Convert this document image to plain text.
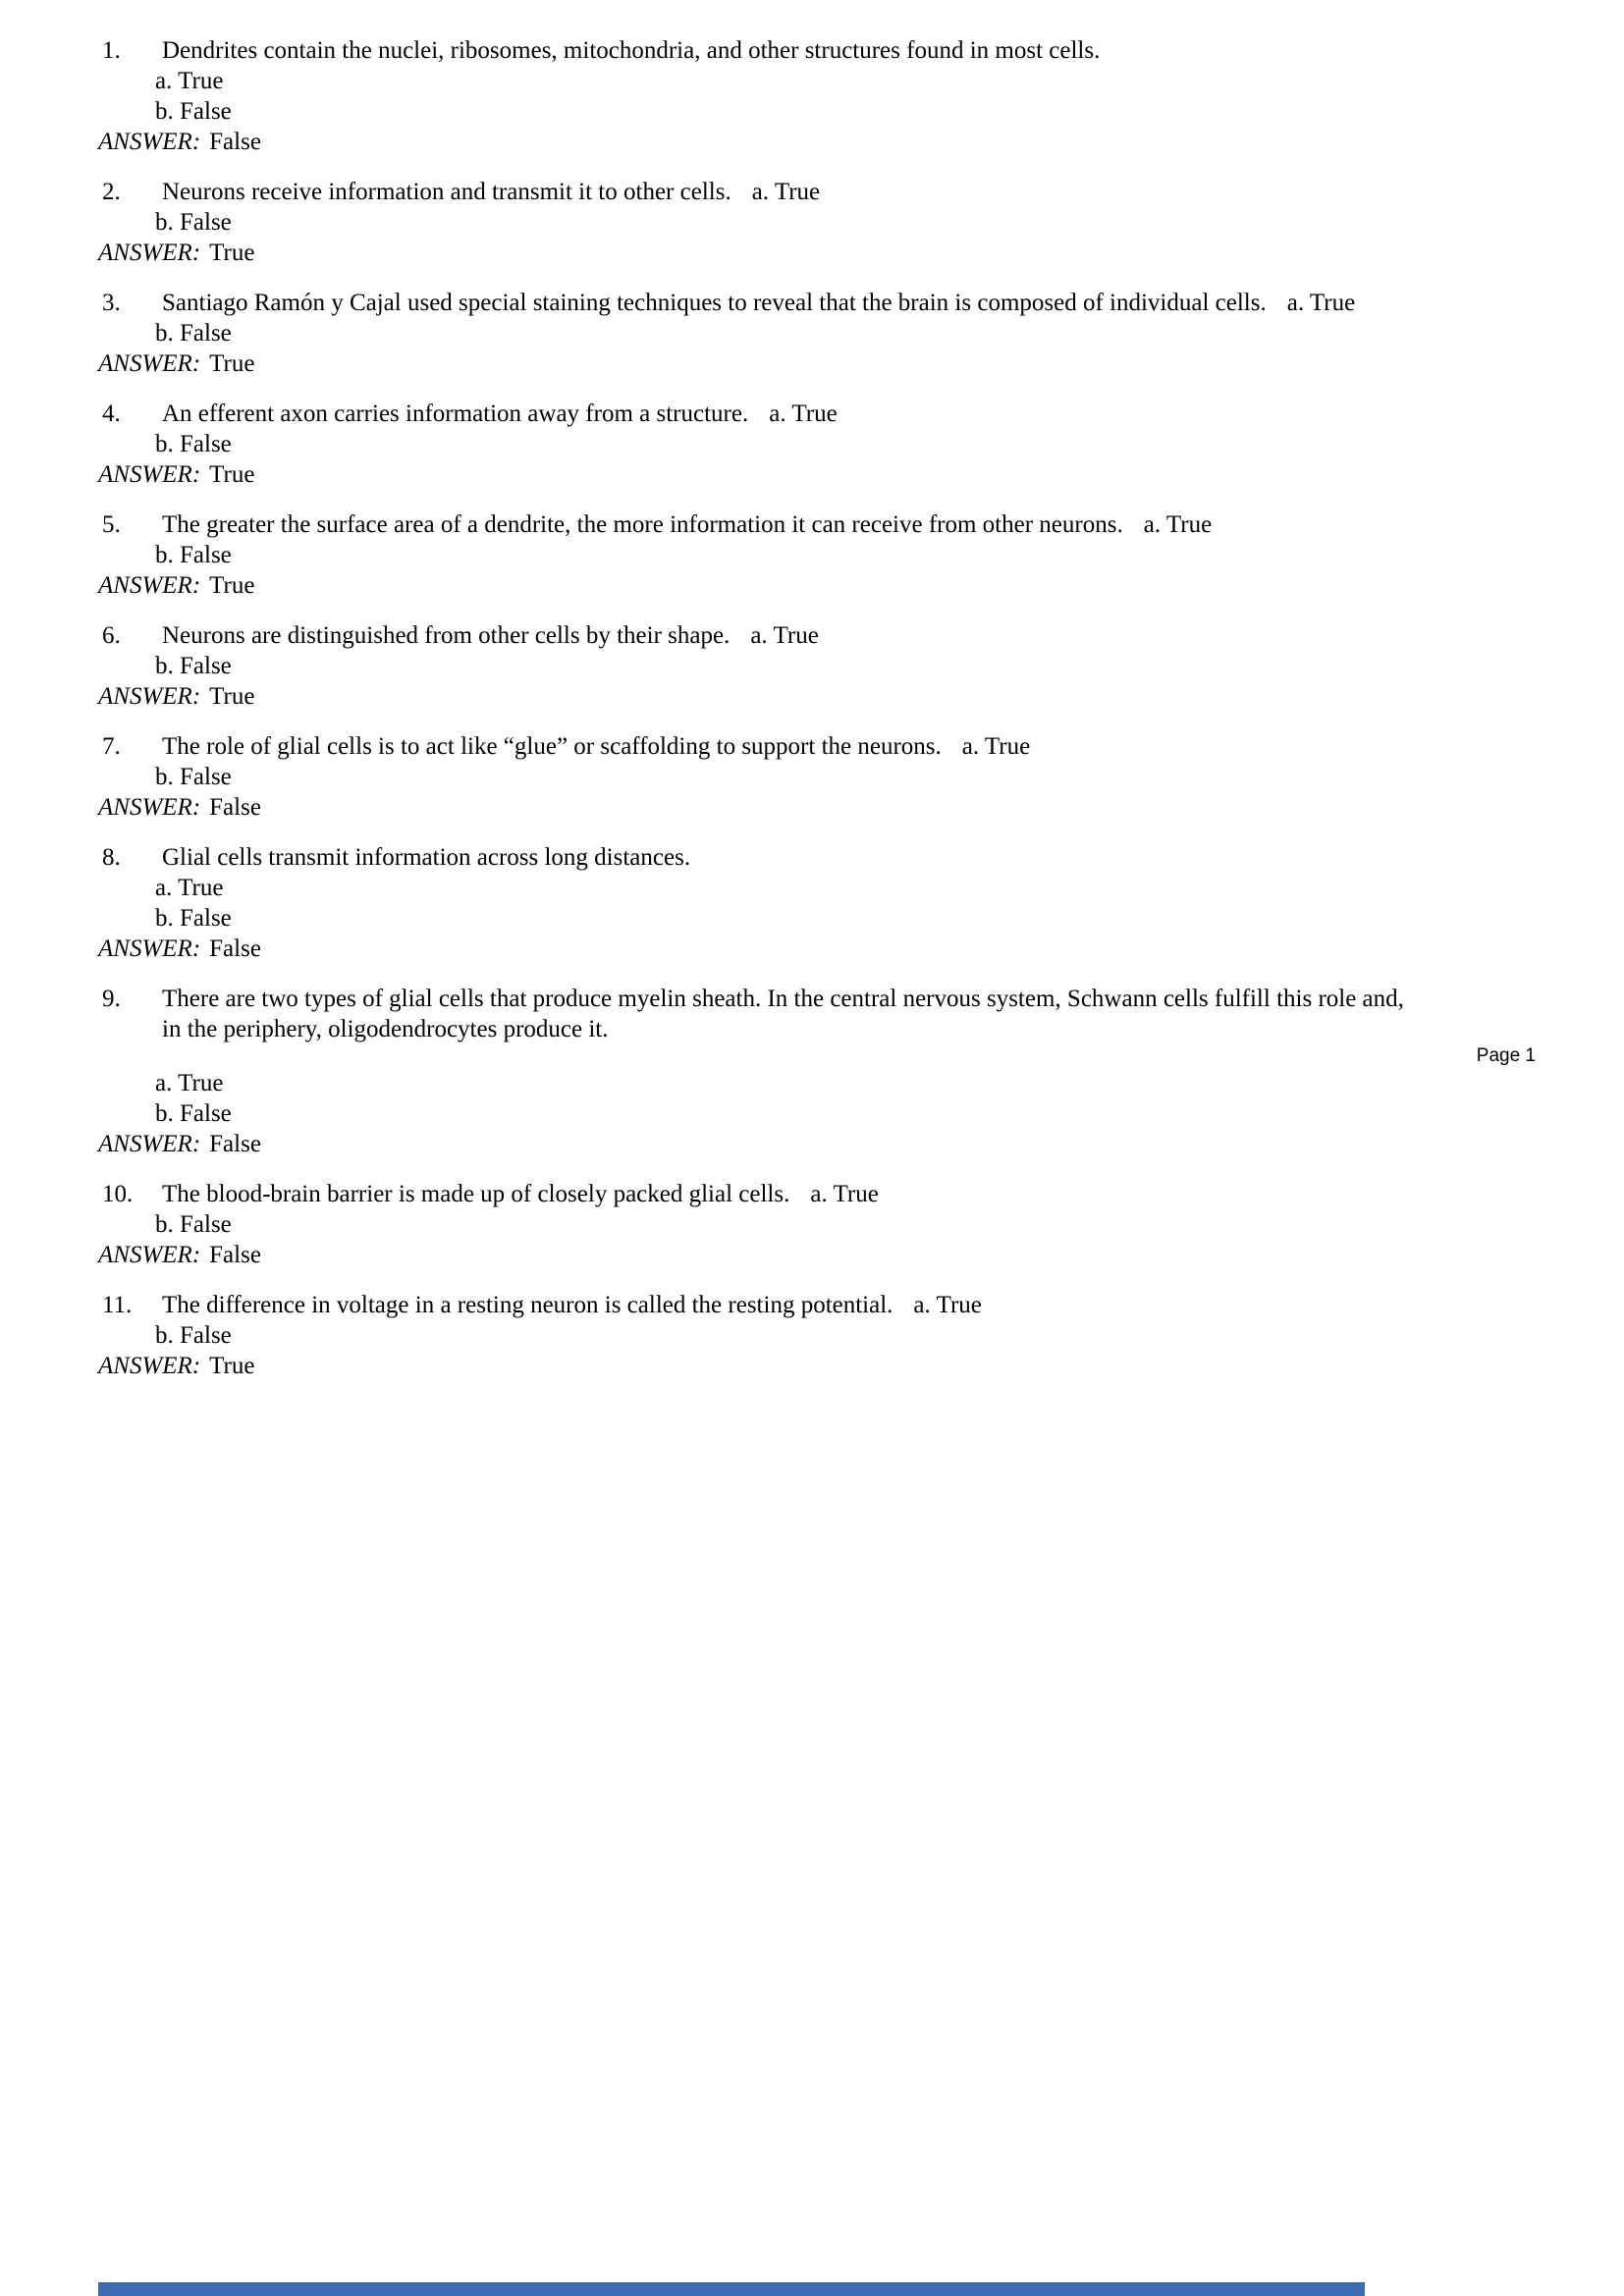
1.	Dendrites contain the nuclei, ribosomes, mitochondria, and other structures found in most cells.

a. True
b. False
ANSWER: False
2.	Neurons receive information and transmit it to other cells. a. True

b. False
ANSWER: True
3.	Santiago Ramón y Cajal used special staining techniques to reveal that the brain is composed of individual cells. a. True

b. False
ANSWER: True
4.	An efferent axon carries information away from a structure. a. True

b. False
ANSWER: True
5.	The greater the surface area of a dendrite, the more information it can receive from other neurons. a. True

b. False
ANSWER: True
6.	Neurons are distinguished from other cells by their shape. a. True

b. False
ANSWER: True
7.	The role of glial cells is to act like “glue” or scaffolding to support the neurons. a. True

b. False
ANSWER: False
8.	Glial cells transmit information across long distances.

a. True
b. False
ANSWER: False
9.	There are two types of glial cells that produce myelin sheath. In the central nervous system, Schwann cells fulfill this role and, in the periphery, oligodendrocytes produce it.

Page 1
a. True
b. False
ANSWER: False
10.	The blood-brain barrier is made up of closely packed glial cells. a. True

b. False
ANSWER: False
11.	The difference in voltage in a resting neuron is called the resting potential. a. True

b. False
ANSWER: True
